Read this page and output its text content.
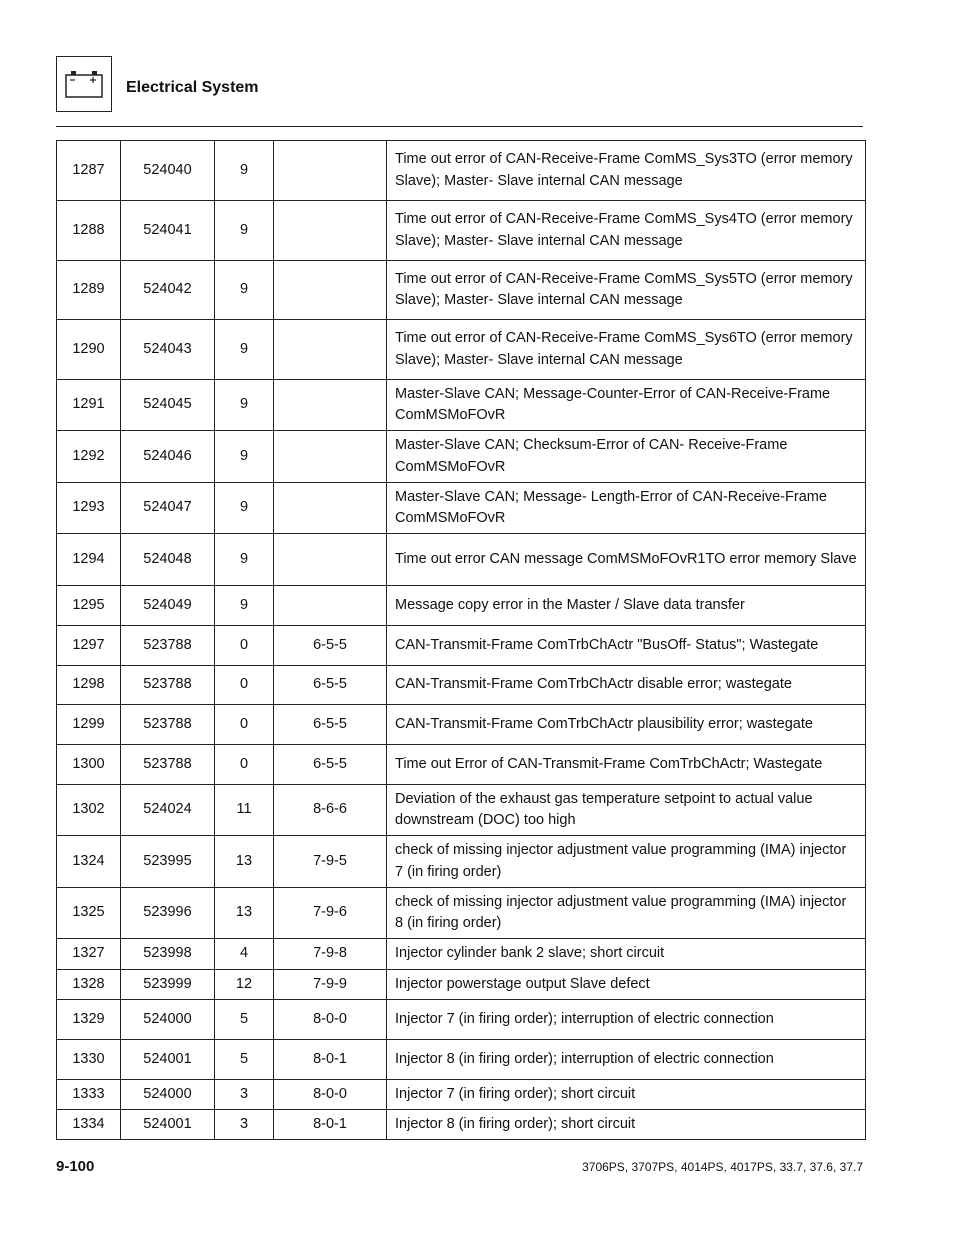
Electrical System
1287	524040	9		Time out error of CAN-Receive-Frame ComMS_Sys3TO (error memory Slave); Master- Slave internal CAN message
1288	524041	9		Time out error of CAN-Receive-Frame ComMS_Sys4TO (error memory Slave); Master- Slave internal CAN message
1289	524042	9		Time out error of CAN-Receive-Frame ComMS_Sys5TO (error memory Slave); Master- Slave internal CAN message
1290	524043	9		Time out error of CAN-Receive-Frame ComMS_Sys6TO (error memory Slave); Master- Slave internal CAN message
1291	524045	9		Master-Slave CAN; Message-Counter-Error of CAN-Receive-Frame ComMSMoFOvR
1292	524046	9		Master-Slave CAN; Checksum-Error of CAN- Receive-Frame ComMSMoFOvR
1293	524047	9		Master-Slave CAN; Message- Length-Error of CAN-Receive-Frame ComMSMoFOvR
1294	524048	9		Time out error CAN message ComMSMoFOvR1TO error memory Slave
1295	524049	9		Message copy error in the Master / Slave data transfer
1297	523788	0	6-5-5	CAN-Transmit-Frame ComTrbChActr "BusOff- Status"; Wastegate
1298	523788	0	6-5-5	CAN-Transmit-Frame ComTrbChActr disable error; wastegate
1299	523788	0	6-5-5	CAN-Transmit-Frame ComTrbChActr plausibility error; wastegate
1300	523788	0	6-5-5	Time out Error of CAN-Transmit-Frame ComTrbChActr; Wastegate
1302	524024	11	8-6-6	Deviation of the exhaust gas temperature setpoint to actual value downstream (DOC) too high
1324	523995	13	7-9-5	check of missing injector adjustment value programming (IMA) injector 7 (in firing order)
1325	523996	13	7-9-6	check of missing injector adjustment value programming (IMA) injector 8 (in firing order)
1327	523998	4	7-9-8	Injector cylinder bank 2 slave; short circuit
1328	523999	12	7-9-9	Injector powerstage output Slave defect
1329	524000	5	8-0-0	Injector 7 (in firing order); interruption of electric connection
1330	524001	5	8-0-1	Injector 8 (in firing order); interruption of electric connection
1333	524000	3	8-0-0	Injector 7 (in firing order); short circuit
1334	524001	3	8-0-1	Injector 8 (in firing order); short circuit
9-100	3706PS, 3707PS, 4014PS, 4017PS, 33.7, 37.6, 37.7
